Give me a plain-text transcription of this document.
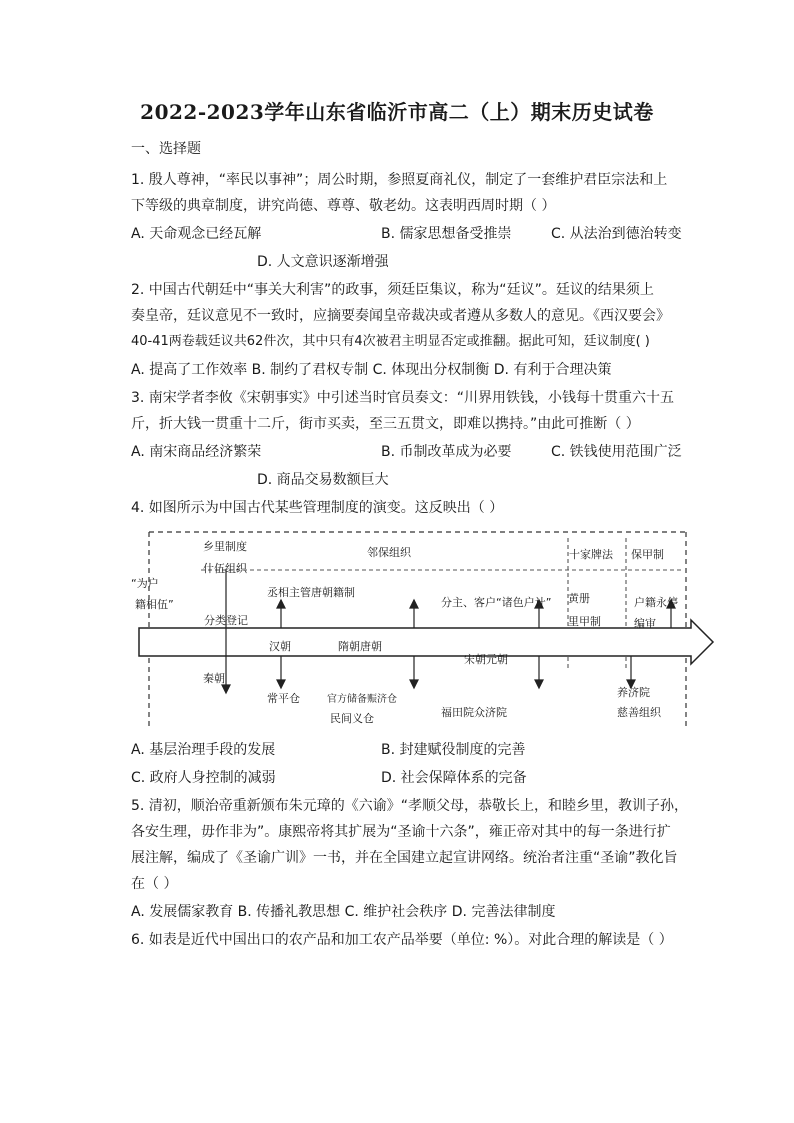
2022-2023学年山东省临沂市高二（上）期末历史试卷
一、选择题
1. 殷人尊神，“率民以事神”；周公时期，参照夏商礼仪，制定了一套维护君臣宗法和上
下等级的典章制度，讲究尚德、尊尊、敬老幼。这表明西周时期（ ）
A. 天命观念已经瓦解	B. 儒家思想备受推崇	C. 从法治到德治转变
D. 人文意识逐渐增强
2. 中国古代朝廷中“事关大利害”的政事，须廷臣集议，称为“廷议”。廷议的结果须上
奏皇帝，廷议意见不一致时，应摘要奏闻皇帝裁决或者遵从多数人的意见。《西汉要会》
40-41两卷载廷议共62件次，其中只有4次被君主明显否定或推翻。据此可知，廷议制度( )
A. 提高了工作效率 B. 制约了君权专制 C. 体现出分权制衡 D. 有利于合理决策
3. 南宋学者李攸《宋朝事实》中引述当时官员奏文：“川界用铁钱，小钱每十贯重六十五
斤，折大钱一贯重十二斤，街市买卖，至三五贯文，即难以携持。”由此可推断（ ）
A. 南宋商品经济繁荣	B. 币制改革成为必要	C. 铁钱使用范围广泛
D. 商品交易数额巨大
4. 如图所示为中国古代某些管理制度的演变。这反映出（ ）
乡里制度
什伍组织
邻保组织	十家牌法 保甲制
“为户
籍相伍”
分类登记
丞相主管唐朝籍制
分主、客户“诸色户计” 黄册
里甲制
户籍永停
编审
汉朝	隋朝唐朝
宋朝元朝
秦朝
常平仓	官方储备赈济仓
民间义仓	福田院众济院
养济院
慈善组织
A. 基层治理手段的发展	B. 封建赋役制度的完善
C. 政府人身控制的减弱	D. 社会保障体系的完备
5. 清初，顺治帝重新颁布朱元璋的《六谕》“孝顺父母，恭敬长上，和睦乡里，教训子孙，
各安生理，毋作非为”。康熙帝将其扩展为“圣谕十六条”，雍正帝对其中的每一条进行扩
展注解，编成了《圣谕广训》一书，并在全国建立起宣讲网络。统治者注重“圣谕”教化旨
在（ ）
A. 发展儒家教育 B. 传播礼教思想 C. 维护社会秩序 D. 完善法律制度
6. 如表是近代中国出口的农产品和加工农产品举要（单位: %）。对此合理的解读是（ ）
